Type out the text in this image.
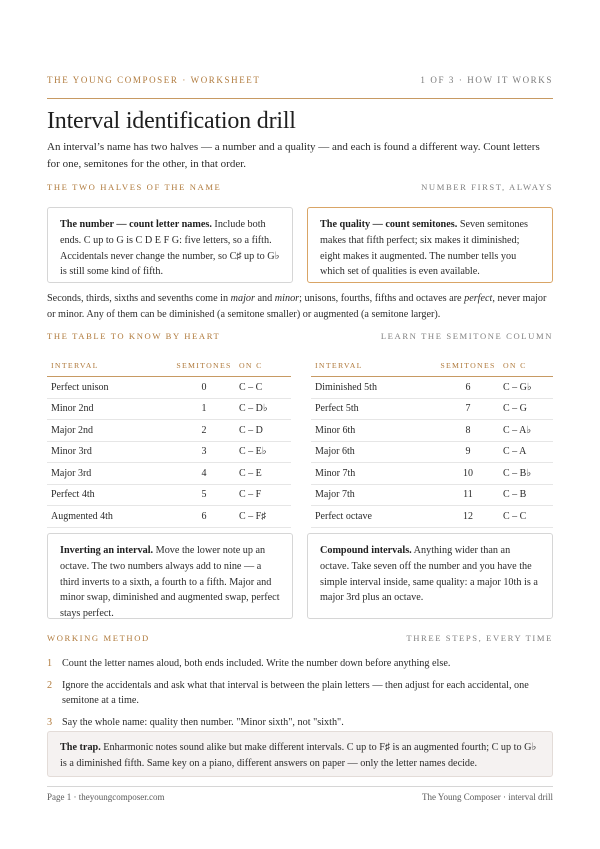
THE YOUNG COMPOSER · WORKSHEET	1 OF 3 · HOW IT WORKS
Interval identification drill
An interval’s name has two halves — a number and a quality — and each is found a different way. Count letters for one, semitones for the other, in that order.
THE TWO HALVES OF THE NAME	NUMBER FIRST, ALWAYS
The number — count letter names. Include both ends. C up to G is C D E F G: five letters, so a fifth. Accidentals never change the number, so C♯ up to G♭ is still some kind of fifth.
The quality — count semitones. Seven semitones makes that fifth perfect; six makes it diminished; eight makes it augmented. The number tells you which set of qualities is even available.
Seconds, thirds, sixths and sevenths come in major and minor; unisons, fourths, fifths and octaves are perfect, never major or minor. Any of them can be diminished (a semitone smaller) or augmented (a semitone larger).
THE TABLE TO KNOW BY HEART	LEARN THE SEMITONE COLUMN
INTERVAL	SEMITONES	ON C
Perfect unison	0	C – C
Minor 2nd	1	C – D♭
Major 2nd	2	C – D
Minor 3rd	3	C – E♭
Major 3rd	4	C – E
Perfect 4th	5	C – F
Augmented 4th	6	C – F♯
INTERVAL	SEMITONES	ON C
Diminished 5th	6	C – G♭
Perfect 5th	7	C – G
Minor 6th	8	C – A♭
Major 6th	9	C – A
Minor 7th	10	C – B♭
Major 7th	11	C – B
Perfect octave	12	C – C
Inverting an interval. Move the lower note up an octave. The two numbers always add to nine — a third inverts to a sixth, a fourth to a fifth. Major and minor swap, diminished and augmented swap, perfect stays perfect.
Compound intervals. Anything wider than an octave. Take seven off the number and you have the simple interval inside, same quality: a major 10th is a major 3rd plus an octave.
WORKING METHOD	THREE STEPS, EVERY TIME
1 Count the letter names aloud, both ends included. Write the number down before anything else.
2 Ignore the accidentals and ask what that interval is between the plain letters — then adjust for each accidental, one semitone at a time.
3 Say the whole name: quality then number. "Minor sixth", not "sixth".
The trap. Enharmonic notes sound alike but make different intervals. C up to F♯ is an augmented fourth; C up to G♭ is a diminished fifth. Same key on a piano, different answers on paper — only the letter names decide.
Page 1 · theyoungcomposer.com	The Young Composer · interval drill
